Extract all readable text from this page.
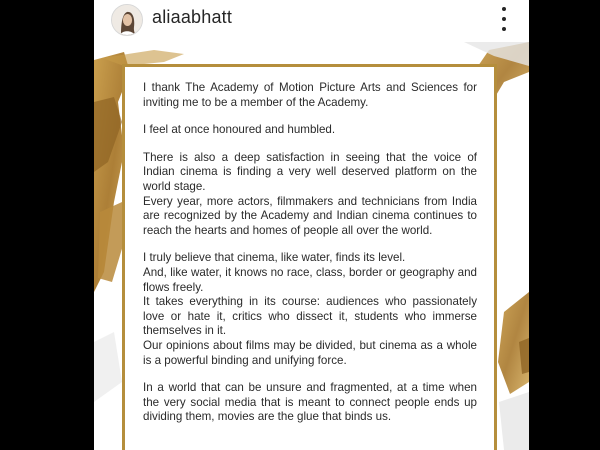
aliaabhatt

I thank The Academy of Motion Picture Arts and Sciences for inviting me to be a member of the Academy.

I feel at once honoured and humbled.

There is also a deep satisfaction in seeing that the voice of Indian cinema is finding a very well deserved platform on the world stage.

Every year, more actors, filmmakers and technicians from India are recognized by the Academy and Indian cinema continues to reach the hearts and homes of people all over the world.

I truly believe that cinema, like water, finds its level.

And, like water, it knows no race, class, border or geography and flows freely.

It takes everything in its course: audiences who passionately love or hate it, critics who dissect it, students who immerse themselves in it.

Our opinions about films may be divided, but cinema as a whole is a powerful binding and unifying force.

In a world that can be unsure and fragmented, at a time when the very social media that is meant to connect people ends up dividing them, movies are the glue that binds us.
